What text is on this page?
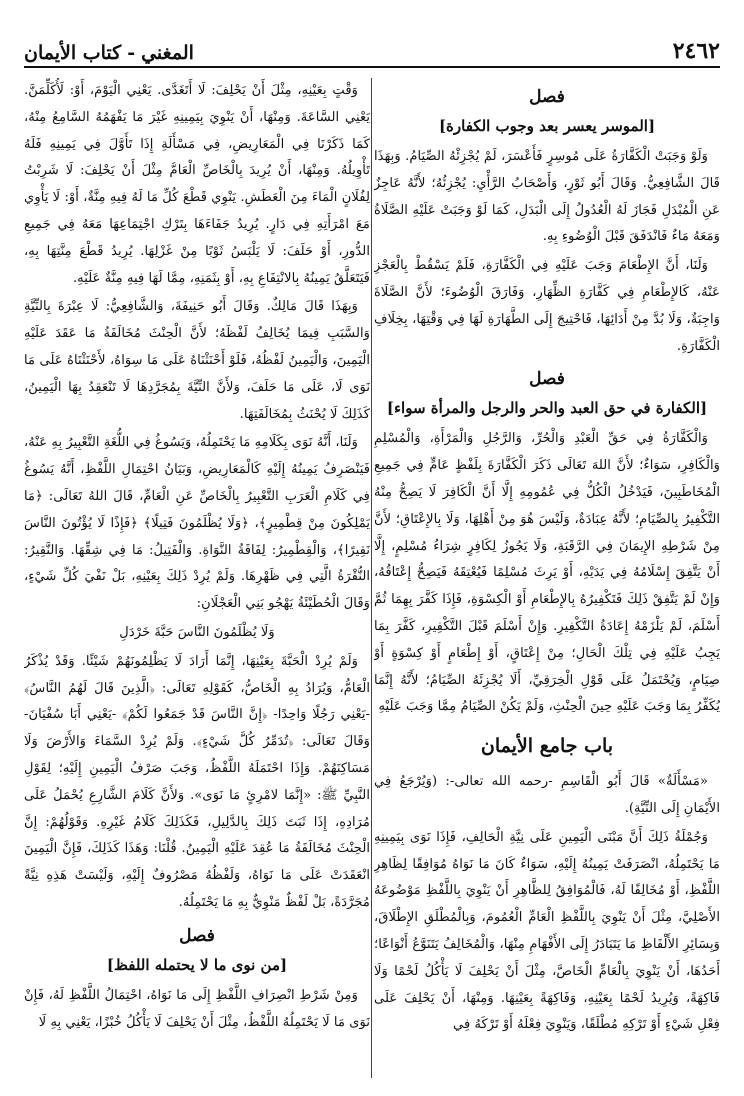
٢٤٦٢
المغني-كتاب الأيمان
فصل
[الموسر يعسر بعد وجوب الكفارة]

وَلَوْ وَجَبَتْ الْكَفَّارَةُ عَلَى مُوسِرٍ فَأَعْسَرَ، لَمْ يُجْزِئْهُ الصِّيَامُ. وَبِهَذَا قَالَ الشَّافِعِيُّ. وَقَالَ أَبُو ثَوْرٍ، وَأَصْحَابُ الرَّأْيِ: يُجْزِئُهُ؛ لأَنَّهُ عَاجِزٌ عَنِ الْمُبْدَلِ فَجَازَ لَهُ الْعُدُولُ إِلَى الْبَدَلِ، كَمَا لَوْ وَجَبَتْ عَلَيْهِ الصَّلَاةُ وَمَعَهُ مَاءٌ فَانْدَفَقَ قَبْلَ الْوُضُوءِ بِهِ.

وَلَنَا، أَنَّ الإِطْعَامَ وَجَبَ عَلَيْهِ فِي الْكَفَّارَةِ، فَلَمْ يَسْقُطْ بِالْعَجْزِ عَنْهُ، كَالإِطْعَامِ فِي كَفَّارَةِ الظِّهَارِ، وَفَارَقَ الْوُضُوءَ؛ لأَنَّ الصَّلَاةَ وَاجِبَةٌ، وَلَا بُدَّ مِنْ أَدَائِهَا، فَاحْتِيجَ إِلَى الطَّهَارَةِ لَهَا فِي وَقْتِهَا، بِخِلَافِ الْكَفَّارَةِ.

فصل
[الكفارة في حق العبد والحر والرجل والمرأة سواء]

وَالْكَفَّارَةُ فِي حَقِّ الْعَبْدِ وَالْحُرِّ، وَالرَّجُلِ وَالْمَرْأَةِ، وَالْمُسْلِمِ وَالْكَافِرِ، سَوَاءٌ؛ لأَنَّ اللهَ تَعَالَى ذَكَرَ الْكَفَّارَةَ بِلَفْظٍ عَامٍّ فِي جَمِيعِ الْمُخَاطَبِينَ، فَيَدْخُلُ الْكُلُّ فِي عُمُومِهِ إِلَّا أَنَّ الْكَافِرَ لَا يَصِحُّ مِنْهُ التَّكْفِيرُ بِالصِّيَامِ؛ لأَنَّهُ عِبَادَةٌ، وَلَيْسَ هُوَ مِنْ أَهْلِهَا، وَلَا بِالإِعْتَاقِ؛ لأَنَّ مِنْ شَرْطِهِ الإِيمَانَ فِي الرَّقَبَةِ، وَلَا يَجُوزُ لِكَافِرٍ شِرَاءُ مُسْلِمٍ، إِلَّا أَنْ يَتَّفِقَ إِسْلَامُهُ فِي يَدَيْهِ، أَوْ يَرِثَ مُسْلِمًا فَيُعْتِقَهُ فَيَصِحُّ إِعْتَاقُهُ، وَإِنْ لَمْ يَتَّفِقْ ذَلِكَ فَتَكْفِيرُهُ بِالإِطْعَامِ أَوْ الْكِسْوَةِ، فَإِذَا كَفَّرَ بِهِمَا ثُمَّ أَسْلَمَ، لَمْ يَلْزَمْهُ إِعَادَةُ التَّكْفِيرِ. وَإِنْ أَسْلَمَ قَبْلَ التَّكْفِيرِ، كَفَّرَ بِمَا يَجِبُ عَلَيْهِ فِي تِلْكَ الْحَالِ؛ مِنْ إِعْتَاقٍ، أَوْ إِطْعَامٍ أَوْ كِسْوَةٍ أَوْ صِيَامٍ، وَيُحْتَمَلُ عَلَى قَوْلِ الْخِرَقِيِّ، أَلَا يُجْزِئَهُ الصِّيَامُ؛ لأَنَّهُ إِنَّمَا يُكَفِّرُ بِمَا وَجَبَ عَلَيْهِ حِينَ الْحِنْثِ، وَلَمْ يَكُنْ الصِّيَامُ مِمَّا وَجَبَ عَلَيْهِ

باب جامع الأيمان

«مَسْأَلَةٌ» قَالَ أَبُو الْقَاسِمِ -رحمه الله تعالى-: (وَيُرْجَعُ فِي الأَيْمَانِ إِلَى النِّيَّةِ).

وَجُمْلَةُ ذَلِكَ أَنَّ مَبْنَى الْيَمِينِ عَلَى نِيَّةِ الْحَالِفِ، فَإِذَا نَوَى بِيَمِينِهِ مَا يَحْتَمِلُهُ، انْصَرَفَتْ يَمِينُهُ إِلَيْهِ، سَوَاءٌ كَانَ مَا نَوَاهُ مُوَافِقًا لِظَاهِرِ اللَّفْظِ، أَوْ مُخَالِفًا لَهُ، فَالْمُوَافِقُ لِلظَّاهِرِ أَنْ يَنْوِيَ بِاللَّفْظِ مَوْضُوعَهُ الأَصْلِيَّ، مِثْلَ أَنْ يَنْوِيَ بِاللَّفْظِ الْعَامِّ الْعُمُومَ، وَبِالْمُطْلَقِ الإِطْلَاقَ، وَبِسَائِرِ الأَلْفَاظِ مَا يَتَبَادَرُ إِلَى الأَفْهَامِ مِنْهَا، وَالْمُخَالِفُ يَتَنَوَّعُ أَنْوَاعًا؛ أَحَدُهَا، أَنْ يَنْوِيَ بِالْعَامِّ الْخَاصَّ، مِثْلَ أَنْ يَحْلِفَ لَا يَأْكُلُ لَحْمًا وَلَا فَاكِهَةً، وَيُرِيدُ لَحْمًا بِعَيْنِهِ، وَفَاكِهَةً بِعَيْنِهَا. وَمِنْهَا، أَنْ يَحْلِفَ عَلَى فِعْلِ شَيْءٍ أَوْ تَرْكِهِ مُطْلَقًا، وَيَنْوِيَ فِعْلَهُ أَوْ تَرْكَهُ فِي

وَقْتٍ بِعَيْنِهِ، مِثْلَ أَنْ يَحْلِفَ: لَا أَتَغَدَّى. يَعْنِي الْيَوْمَ، أَوْ: لَأُكَلِّمَنَّ. يَعْنِي السَّاعَةَ. وَمِنْهَا، أَنْ يَنْوِيَ بِيَمِينِهِ غَيْرَ مَا يَفْهَمُهُ السَّامِعُ مِنْهُ، كَمَا ذَكَرْنَا فِي الْمَعَارِيضِ، فِي مَسْأَلَةِ إِذَا تَأَوَّلَ فِي يَمِينِهِ فَلَهُ تَأْوِيلُهُ. وَمِنْهَا، أَنْ يُرِيدَ بِالْخَاصِّ الْعَامَّ مِثْلَ أَنْ يَحْلِفَ: لَا شَرِبْتُ لِفُلَانٍ الْمَاءَ مِنَ الْعَطَشِ. يَنْوِي قَطْعَ كُلِّ مَا لَهُ فِيهِ مِنَّةٌ، أَوْ: لَا يَأْوِي مَعَ امْرَأَتِهِ فِي دَارٍ. يُرِيدُ جَفَاءَهَا بِتَرْكِ اجْتِمَاعِهَا مَعَهُ فِي جَمِيعِ الدُّورِ، أَوْ حَلَفَ: لَا يَلْبَسُ ثَوْبًا مِنْ غَزْلِهَا. يُرِيدُ قَطْعَ مِنَّتِهَا بِهِ، فَيَتَعَلَّقُ يَمِينُهُ بِالانْتِفَاعِ بِهِ، أَوْ بِثَمَنِهِ، مِمَّا لَهَا فِيهِ مِنَّةٌ عَلَيْهِ.

وَبِهَذَا قَالَ مَالِكٌ. وَقَالَ أَبُو حَنِيفَةَ، وَالشَّافِعِيُّ: لَا عِبْرَةَ بِالنِّيَّةِ وَالسَّبَبِ فِيمَا يُخَالِفُ لَفْظَهُ؛ لأَنَّ الْحِنْثَ مُخَالَفَةُ مَا عَقَدَ عَلَيْهِ الْيَمِينَ، وَالْيَمِينُ لَفْظُهُ، فَلَوْ أَحْنَثْنَاهُ عَلَى مَا سِوَاهُ، لأَحْنَثْنَاهُ عَلَى مَا نَوَى لَا، عَلَى مَا حَلَفَ، وَلأَنَّ النِّيَّةَ بِمُجَرَّدِهَا لَا تَنْعَقِدُ بِهَا الْيَمِينُ، كَذَلِكَ لَا يُحْنَثُ بِمُخَالَفَتِهَا.

وَلَنَا، أَنَّهُ نَوَى بِكَلَامِهِ مَا يَحْتَمِلُهُ، وَيَسُوغُ فِي اللُّغَةِ التَّعْبِيرُ بِهِ عَنْهُ، فَيَنْصَرِفُ يَمِينُهُ إِلَيْهِ كَالْمَعَارِيضِ، وَبَيَانُ احْتِمَالِ اللَّفْظِ، أَنَّهُ يَسُوغُ فِي كَلَامِ الْعَرَبِ التَّعْبِيرُ بِالْخَاصِّ عَنِ الْعَامِّ، قَالَ اللهُ تَعَالَى: ﴿مَا يَمْلِكُونَ مِنْ قِطْمِيرٍ﴾، ﴿وَلَا يُظْلَمُونَ فَتِيلًا﴾ ﴿فَإِذًا لَا يُؤْتُونَ النَّاسَ نَقِيرًا﴾، وَالْقِطْمِيرُ: لِفَافَةُ النَّوَاةِ. وَالْفَتِيلُ: مَا فِي شِقِّهَا. وَالنَّقِيرُ: النُّقْرَةُ الَّتِي فِي ظَهْرِهَا. وَلَمْ يُرِدْ ذَلِكَ بِعَيْنِهِ، بَلْ نَفْيَ كُلِّ شَيْءٍ، وَقَالَ الْحُطَيْئَةُ يَهْجُو بَنِي الْعَجْلَانِ:

وَلَا يُظْلَمُونَ النَّاسَ حَبَّةَ خَرْدَلِ

وَلَمْ يُرِدْ الْحَبَّةَ بِعَيْنِهَا، إِنَّمَا أَرَادَ لَا يَظْلِمُونَهُمْ شَيْئًا. وَقَدْ يُذْكَرُ الْعَامُّ، وَيُرَادُ بِهِ الْخَاصُّ، كَقَوْلِهِ تَعَالَى: ﴿الَّذِينَ قَالَ لَهُمُ النَّاسُ﴾ -يَعْنِي رَجُلًا وَاحِدًا- ﴿إِنَّ النَّاسَ قَدْ جَمَعُوا لَكُمْ﴾ -يَعْنِي أَبَا سُفْيَانَ- وَقَالَ تَعَالَى: ﴿تُدَمِّرُ كُلَّ شَيْءٍ﴾. وَلَمْ يُرِدْ السَّمَاءَ وَالأَرْضَ وَلَا مَسَاكِنَهُمْ. وَإِذَا احْتَمَلَهُ اللَّفْظُ، وَجَبَ صَرْفُ الْيَمِينِ إِلَيْهِ؛ لِقَوْلِ النَّبِيِّ ﷺ: «إِنَّمَا لامْرِئٍ مَا نَوَى». وَلأَنَّ كَلَامَ الشَّارِعِ يُحْمَلُ عَلَى مُرَادِهِ، إِذَا ثَبَتَ ذَلِكَ بِالدَّلِيلِ، فَكَذَلِكَ كَلَامُ غَيْرِهِ. وَقَوْلُهُمْ: إِنَّ الْحِنْثَ مُخَالَفَةُ مَا عُقِدَ عَلَيْهِ الْيَمِينُ. قُلْنَا: وَهَذَا كَذَلِكَ، فَإِنَّ الْيَمِينَ انْعَقَدَتْ عَلَى مَا نَوَاهُ، وَلَفْظُهُ مَصْرُوفٌ إِلَيْهِ، وَلَيْسَتْ هَذِهِ نِيَّةً مُجَرَّدَةً، بَلْ لَفْظٌ مَنْوِيٌّ بِهِ مَا يَحْتَمِلُهُ.

فصل
[من نوى ما لا يحتمله اللفظ]

وَمِنْ شَرْطِ انْصِرَافِ اللَّفْظِ إِلَى مَا نَوَاهُ، احْتِمَالُ اللَّفْظِ لَهُ، فَإِنْ نَوَى مَا لَا يَحْتَمِلُهُ اللَّفْظُ، مِثْلَ أَنْ يَحْلِفَ لَا يَأْكُلُ خُبْزًا، يَعْنِي بِهِ لَا
